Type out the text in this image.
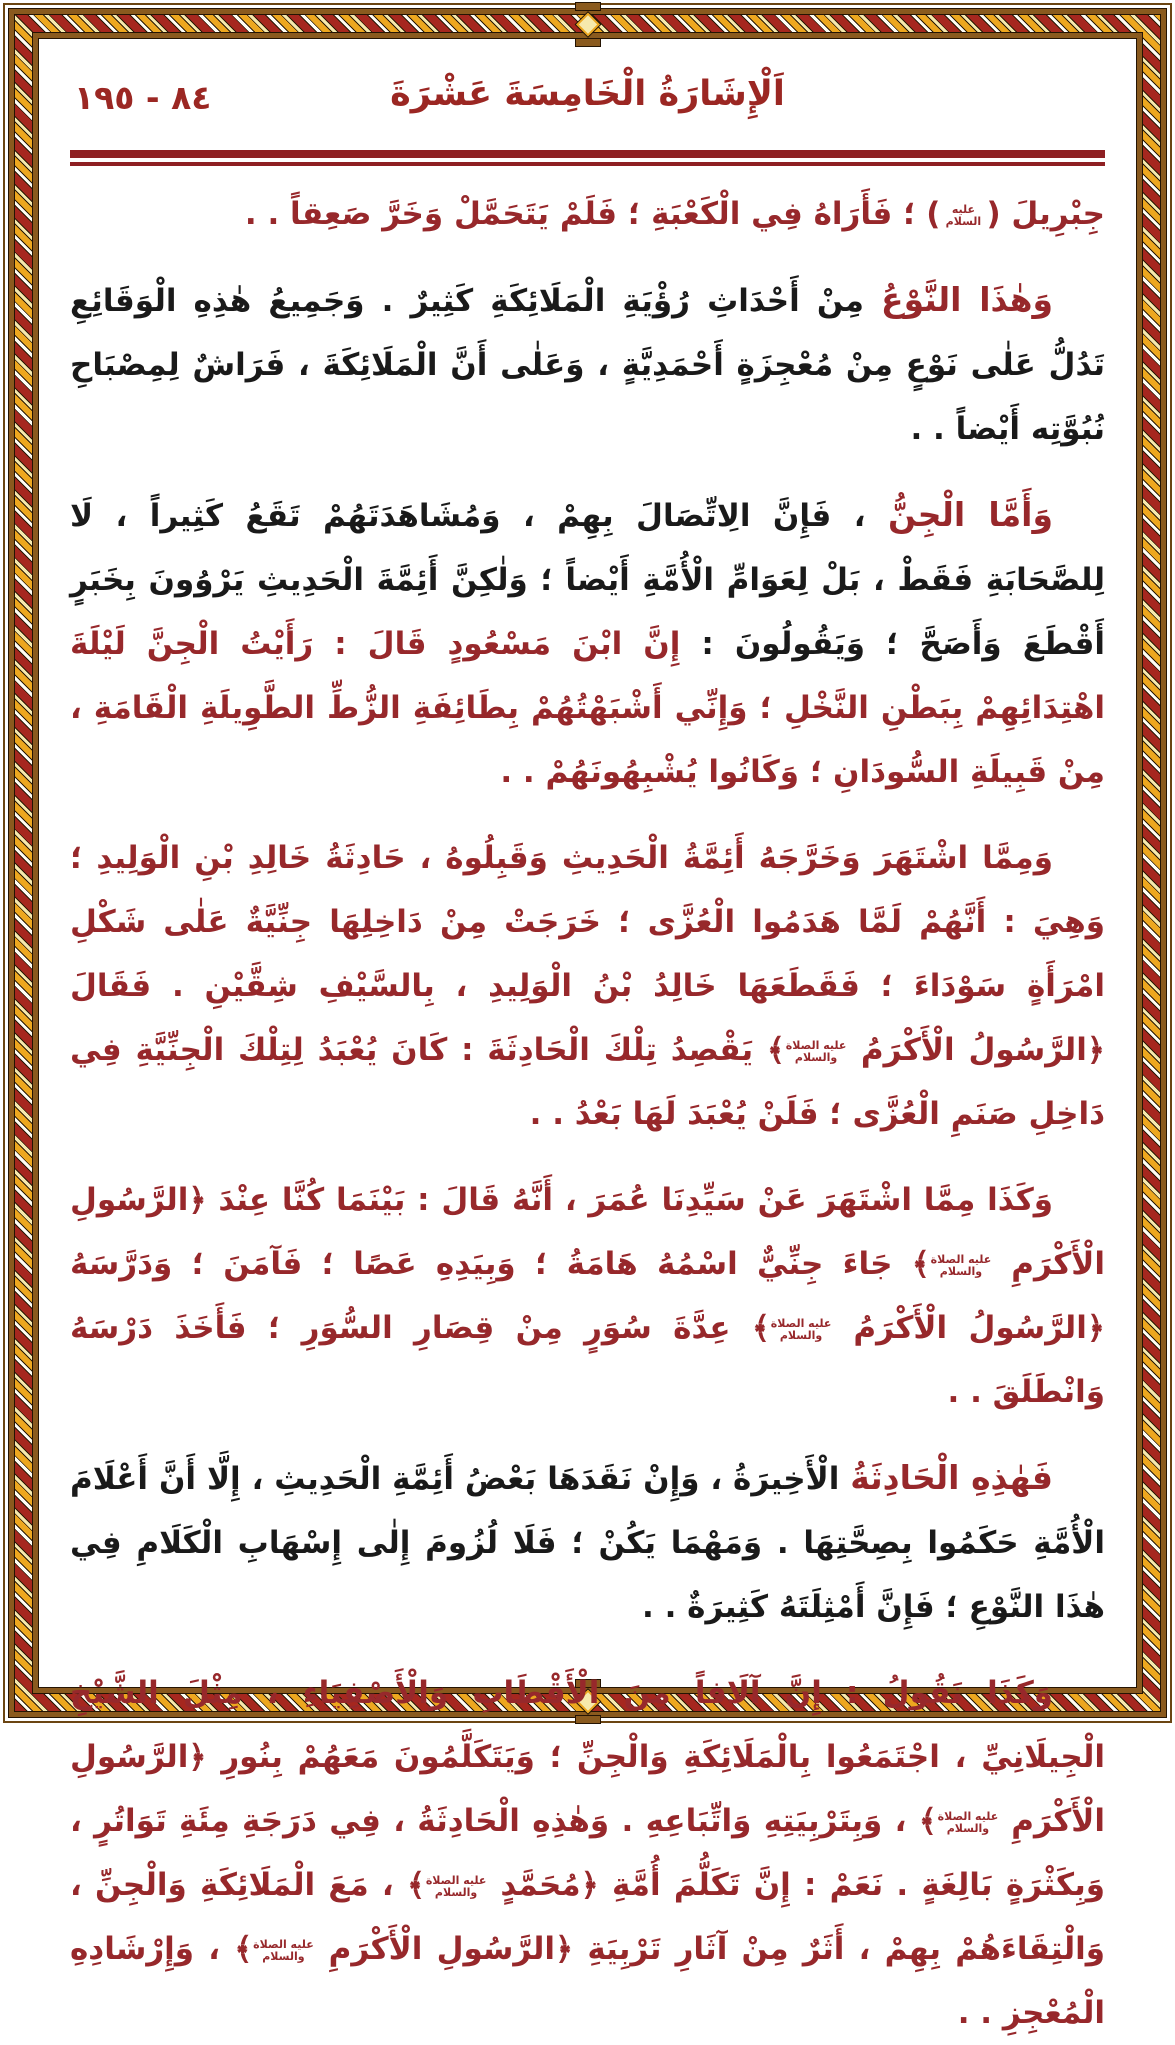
٨٤ - ١٩٥	اَلْإِشَارَةُ الْخَامِسَةَ عَشْرَةَ

جِبْرِيلَ (عليه السلام) ؛ فَأَرَاهُ فِي الْكَعْبَةِ ؛ فَلَمْ يَتَحَمَّلْ وَخَرَّ صَعِقاً . .

وَهٰذَا النَّوْعُ مِنْ أَحْدَاثِ رُؤْيَةِ الْمَلَائِكَةِ كَثِيرٌ . وَجَمِيعُ هٰذِهِ الْوَقَائِعِ تَدُلُّ عَلٰى نَوْعٍ مِنْ مُعْجِزَةٍ أَحْمَدِيَّةٍ ، وَعَلٰى أَنَّ الْمَلَائِكَةَ ، فَرَاشٌ لِمِصْبَاحِ نُبُوَّتِه أَيْضاً . .

وَأَمَّا الْجِنُّ ، فَإِنَّ الِاتِّصَالَ بِهِمْ ، وَمُشَاهَدَتَهُمْ تَقَعُ كَثِيراً ، لَا لِلصَّحَابَةِ فَقَطْ ، بَلْ لِعَوَامِّ الْأُمَّةِ أَيْضاً ؛ وَلٰكِنَّ أَئِمَّةَ الْحَدِيثِ يَرْوُونَ بِخَبَرٍ أَقْطَعَ وَأَصَحَّ ؛ وَيَقُولُونَ : إِنَّ ابْنَ مَسْعُودٍ قَالَ : رَأَيْتُ الْجِنَّ لَيْلَةَ اهْتِدَائِهِمْ بِبَطْنِ النَّخْلِ ؛ وَإِنِّي أَشْبَهْتُهُمْ بِطَائِفَةِ الزُّطِّ الطَّوِيلَةِ الْقَامَةِ ، مِنْ قَبِيلَةِ السُّودَانِ ؛ وَكَانُوا يُشْبِهُونَهُمْ . .

وَمِمَّا اشْتَهَرَ وَخَرَّجَهُ أَئِمَّةُ الْحَدِيثِ وَقَبِلُوهُ ، حَادِثَةُ خَالِدِ بْنِ الْوَلِيدِ ؛ وَهِيَ : أَنَّهُمْ لَمَّا هَدَمُوا الْعُزَّى ؛ خَرَجَتْ مِنْ دَاخِلِهَا جِنِّيَّةٌ عَلٰى شَكْلِ امْرَأَةٍ سَوْدَاءَ ؛ فَقَطَعَهَا خَالِدُ بْنُ الْوَلِيدِ ، بِالسَّيْفِ شِقَّيْنِ . فَقَالَ ﴿الرَّسُولُ الْأَكْرَمُ عليه الصلاة والسلام﴾ يَقْصِدُ تِلْكَ الْحَادِثَةَ : كَانَ يُعْبَدُ لِتِلْكَ الْجِنِّيَّةِ فِي دَاخِلِ صَنَمِ الْعُزَّى ؛ فَلَنْ يُعْبَدَ لَهَا بَعْدُ . .

وَكَذَا مِمَّا اشْتَهَرَ عَنْ سَيِّدِنَا عُمَرَ ، أَنَّهُ قَالَ : بَيْنَمَا كُنَّا عِنْدَ ﴿الرَّسُولِ الْأَكْرَمِ عليه الصلاة والسلام﴾ جَاءَ جِنِّيٌّ اسْمُهُ هَامَةُ ؛ وَبِيَدِهِ عَصًا ؛ فَآمَنَ ؛ وَدَرَّسَهُ ﴿الرَّسُولُ الْأَكْرَمُ عليه الصلاة والسلام﴾ عِدَّةَ سُوَرٍ مِنْ قِصَارِ السُّوَرِ ؛ فَأَخَذَ دَرْسَهُ وَانْطَلَقَ . .

فَهٰذِهِ الْحَادِثَةُ الْأَخِيرَةُ ، وَإِنْ نَقَدَهَا بَعْضُ أَئِمَّةِ الْحَدِيثِ ، إِلَّا أَنَّ أَعْلَامَ الْأُمَّةِ حَكَمُوا بِصِحَّتِهَا . وَمَهْمَا يَكُنْ ؛ فَلَا لُزُومَ إِلٰى إِسْهَابِ الْكَلَامِ فِي هٰذَا النَّوْعِ ؛ فَإِنَّ أَمْثِلَتَهُ كَثِيرَةٌ . .

وَكَذَا نَقُولُ : إِنَّ آلَافاً مِنَ الْأَقْطَابِ وَالْأَصْفِيَاءِ ، مِثْلَ الشَّيْخِ الْجِيلَانِيِّ ، اجْتَمَعُوا بِالْمَلَائِكَةِ وَالْجِنِّ ؛ وَيَتَكَلَّمُونَ مَعَهُمْ بِنُورِ ﴿الرَّسُولِ الْأَكْرَمِ عليه الصلاة والسلام﴾ ، وَبِتَرْبِيَتِهِ وَاتِّبَاعِهِ . وَهٰذِهِ الْحَادِثَةُ ، فِي دَرَجَةِ مِئَةِ تَوَاتُرٍ ، وَبِكَثْرَةٍ بَالِغَةٍ . نَعَمْ : إِنَّ تَكَلُّمَ أُمَّةِ ﴿مُحَمَّدٍ عليه الصلاة والسلام﴾ ، مَعَ الْمَلَائِكَةِ وَالْجِنِّ ، وَالْتِقَاءَهُمْ بِهِمْ ، أَثَرٌ مِنْ آثَارِ تَرْبِيَةِ ﴿الرَّسُولِ الْأَكْرَمِ عليه الصلاة والسلام﴾ ، وَإِرْشَادِهِ الْمُعْجِزِ . .
